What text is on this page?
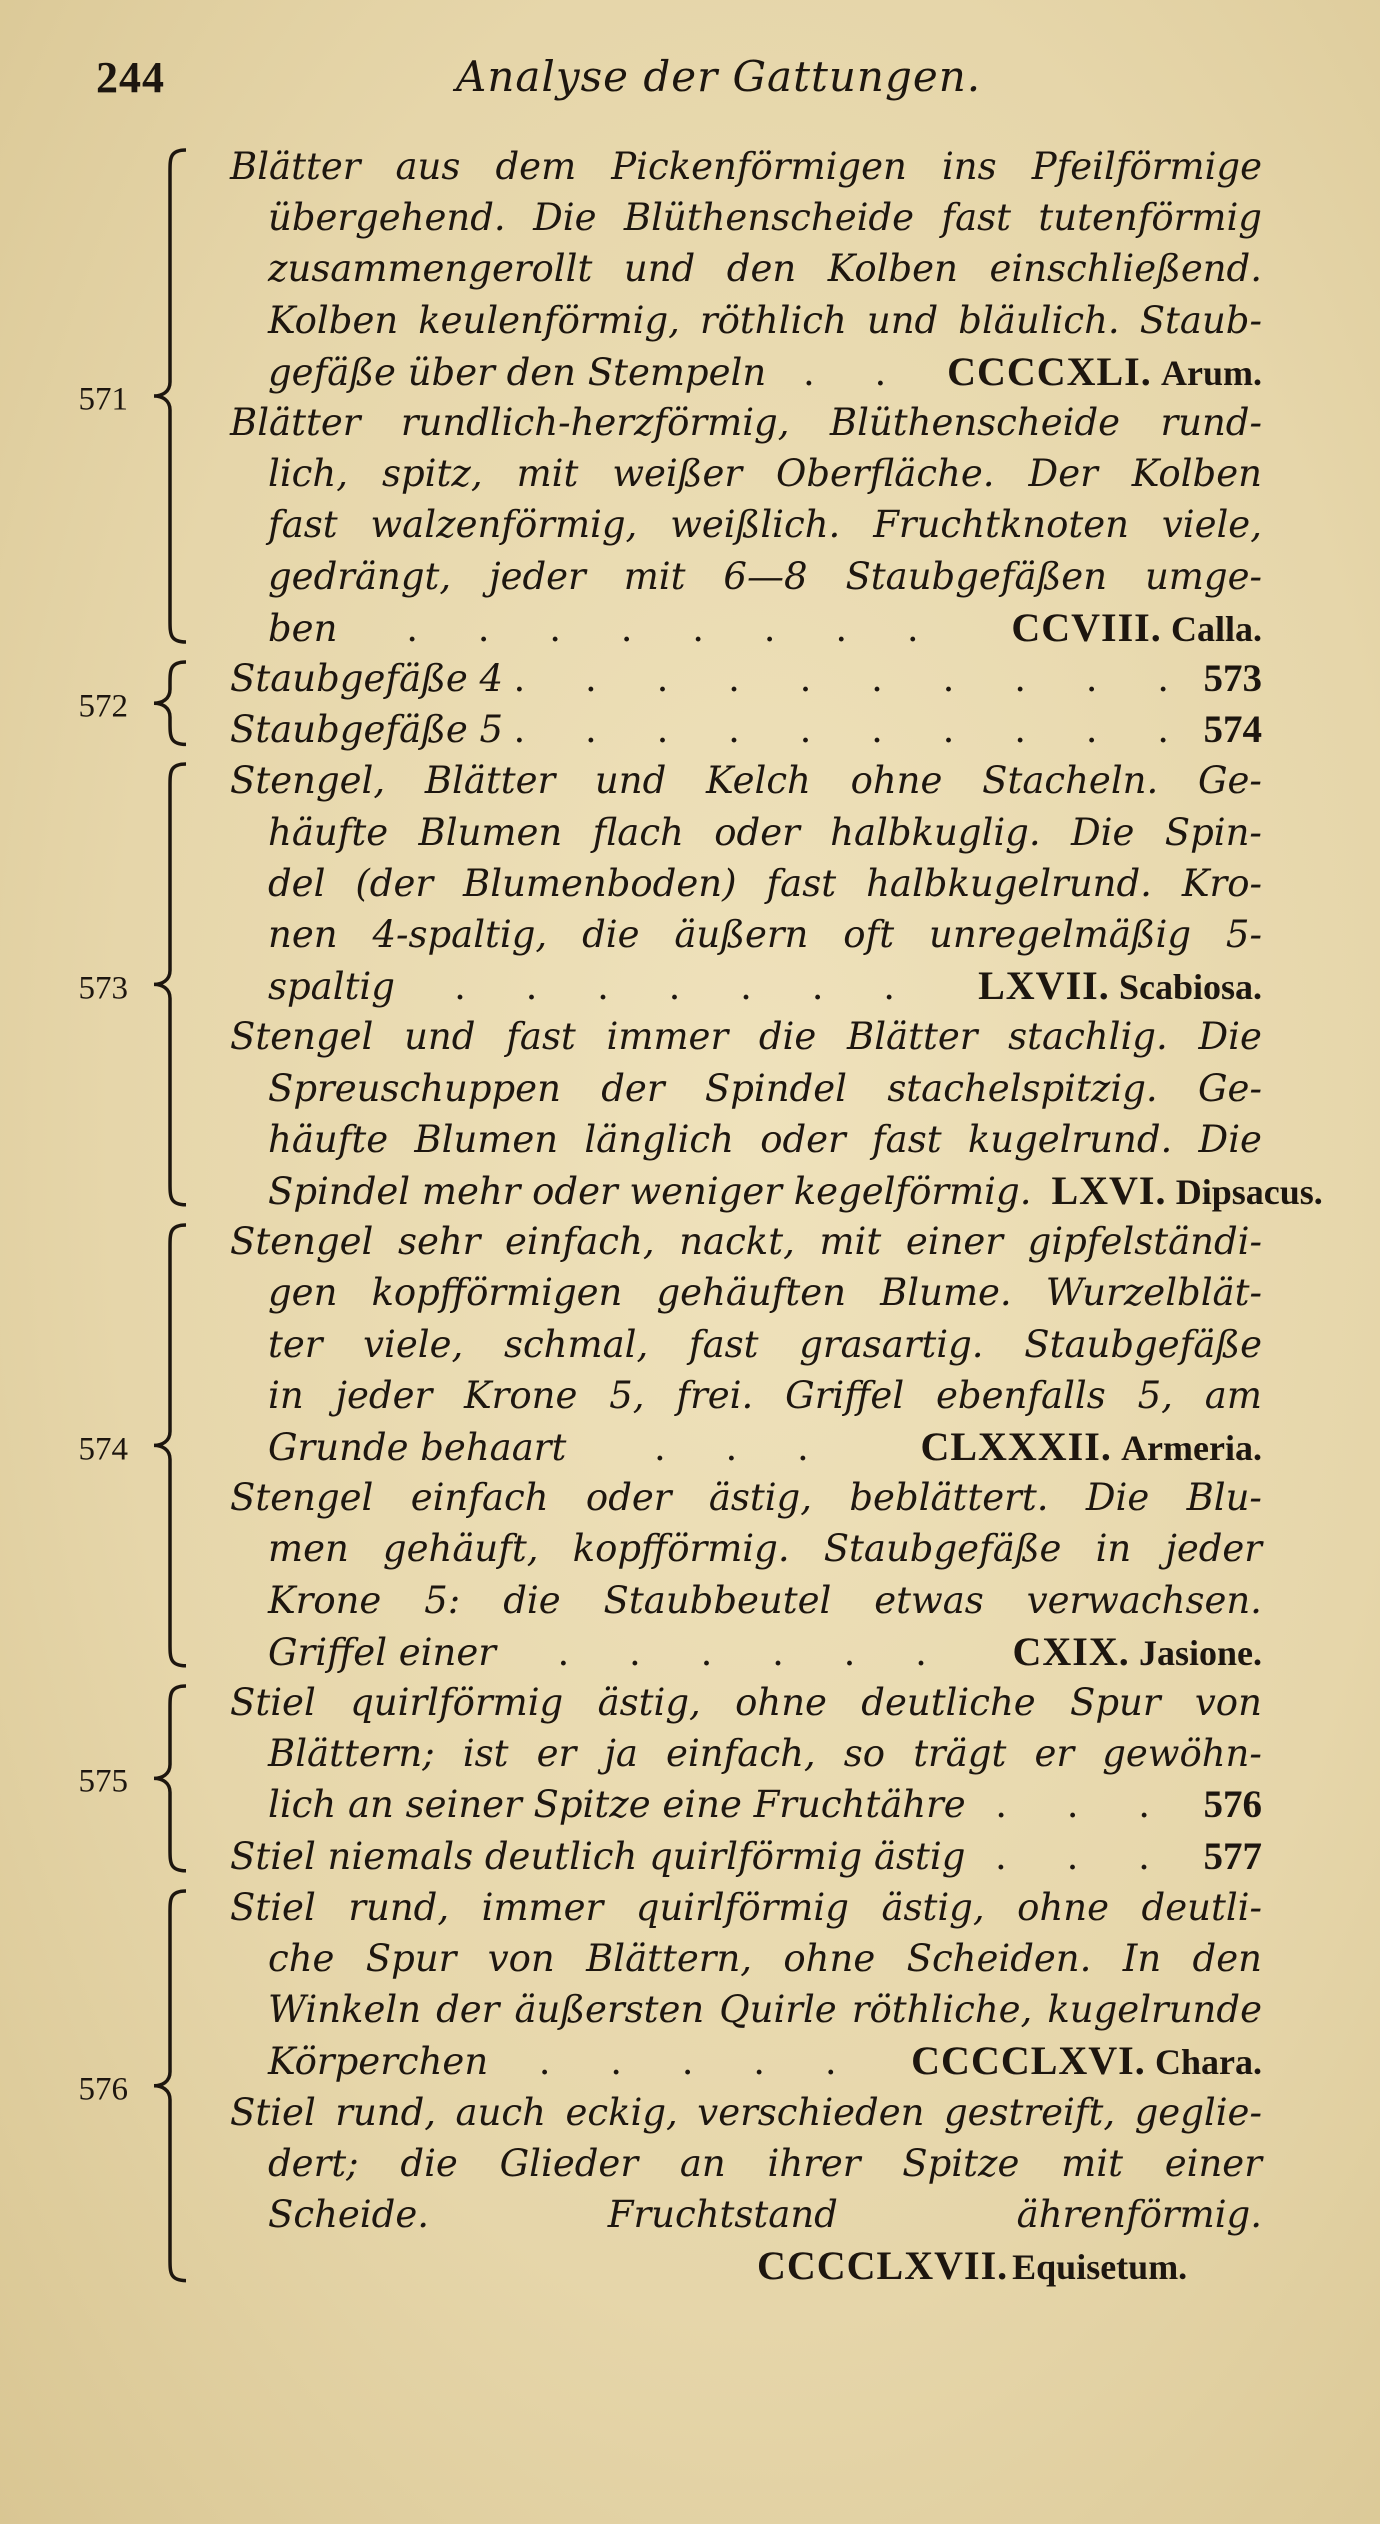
244	Analyse der Gattungen.
Blätter aus dem Pickenförmigen ins Pfeilförmige
übergehend. Die Blüthenscheide fast tutenförmig
zusammengerollt und den Kolben einschließend.
Kolben keulenförmig, röthlich und bläulich. Staub-
gefäße über den Stempeln . . CCCCXLI. Arum.
Blätter rundlich-herzförmig, Blüthenscheide rund-
lich, spitz, mit weißer Oberfläche. Der Kolben
fast walzenförmig, weißlich. Fruchtknoten viele,
gedrängt, jeder mit 6—8 Staubgefäßen umge-
ben	. . . . . . . .	CCVIII. Calla.
571
Staubgefäße 4 . . . . . . . . . . 573
Staubgefäße 5 . . . . . . . . . . 574
572
Stengel, Blätter und Kelch ohne Stacheln. Ge-
häufte Blumen flach oder halbkuglig. Die Spin-
del (der Blumenboden) fast halbkugelrund. Kro-
nen 4-spaltig, die äußern oft unregelmäßig 5-
spaltig	. . . . . . .	LXVII. Scabiosa.
Stengel und fast immer die Blätter stachlig. Die
Spreuschuppen der Spindel stachelspitzig. Ge-
häufte Blumen länglich oder fast kugelrund. Die
Spindel mehr oder weniger kegelförmig. LXVI. Dipsacus.
573
Stengel sehr einfach, nackt, mit einer gipfelständi-
gen kopfförmigen gehäuften Blume. Wurzelblät-
ter viele, schmal, fast grasartig. Staubgefäße
in jeder Krone 5, frei. Griffel ebenfalls 5, am
Grunde behaart	. . .	CLXXXII. Armeria.
Stengel einfach oder ästig, beblättert. Die Blu-
men gehäuft, kopfförmig. Staubgefäße in jeder
Krone 5: die Staubbeutel etwas verwachsen.
Griffel einer	. . . . . .	CXIX. Jasione.
574
Stiel quirlförmig ästig, ohne deutliche Spur von
Blättern; ist er ja einfach, so trägt er gewöhn-
lich an seiner Spitze eine Fruchtähre . . . 576
Stiel niemals deutlich quirlförmig ästig . . . 577
575
Stiel rund, immer quirlförmig ästig, ohne deutli-
che Spur von Blättern, ohne Scheiden. In den
Winkeln der äußersten Quirle röthliche, kugelrunde
Körperchen	. . . . .	CCCCLXVI. Chara.
Stiel rund, auch eckig, verschieden gestreift, geglie-
dert; die Glieder an ihrer Spitze mit einer
Scheide.	Fruchtstand	ährenförmig.
CCCCLXVII. Equisetum.
576
